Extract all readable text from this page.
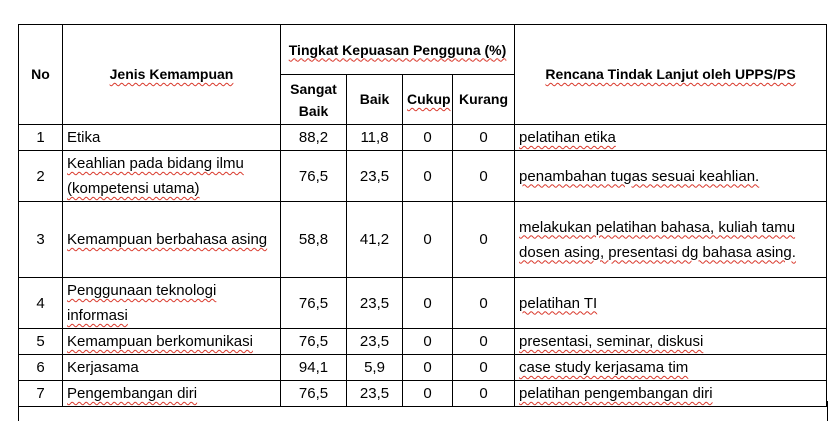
No	Jenis Kemampuan	Tingkat Kepuasan Pengguna (%)				Rencana Tindak Lanjut oleh UPPS/PS
		Sangat Baik	Baik	Cukup	Kurang	
1	Etika	88,2	11,8	0	0	pelatihan etika
2	Keahlian pada bidang ilmu (kompetensi utama)	76,5	23,5	0	0	penambahan tugas sesuai keahlian.
3	Kemampuan berbahasa asing	58,8	41,2	0	0	melakukan pelatihan bahasa, kuliah tamu dosen asing, presentasi dg bahasa asing.
4	Penggunaan teknologi informasi	76,5	23,5	0	0	pelatihan TI
5	Kemampuan berkomunikasi	76,5	23,5	0	0	presentasi, seminar, diskusi
6	Kerjasama	94,1	5,9	0	0	case study kerjasama tim
7	Pengembangan diri	76,5	23,5	0	0	pelatihan pengembangan diri
